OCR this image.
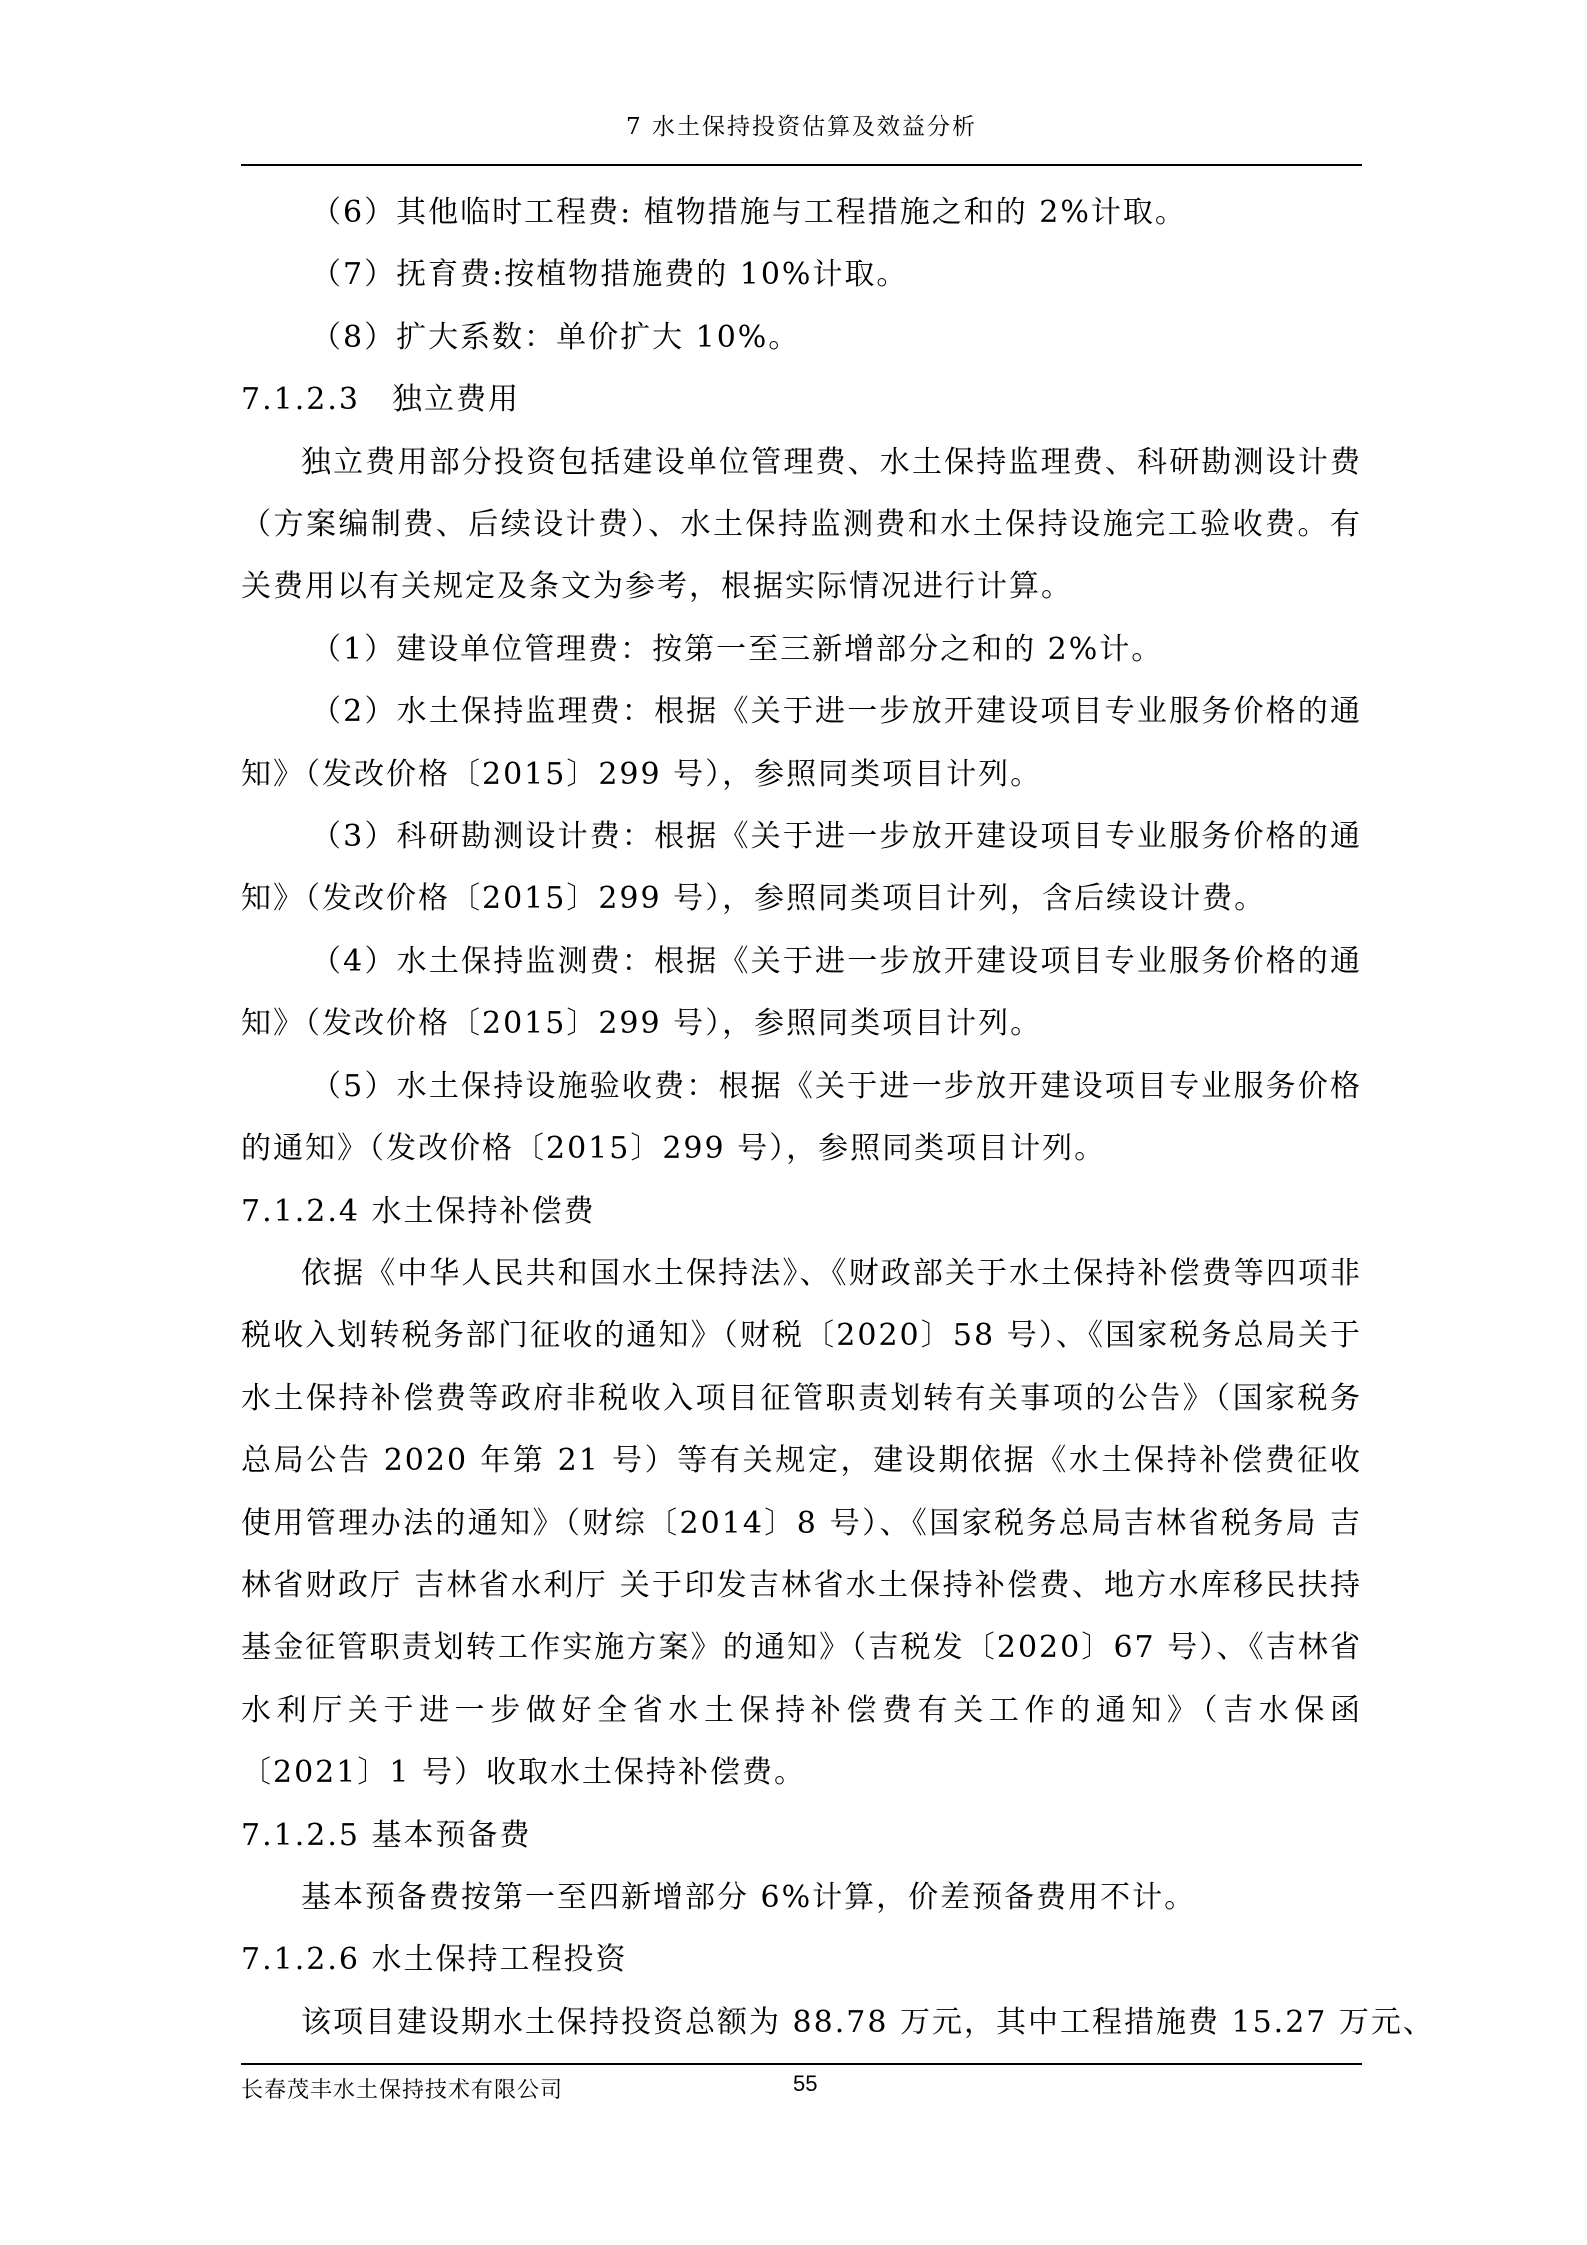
7 水土保持投资估算及效益分析

（6）其他临时工程费: 植物措施与工程措施之和的 2%计取。

（7）抚育费:按植物措施费的 10%计取。

（8）扩大系数：单价扩大 10%。

7.1.2.3　独立费用

独立费用部分投资包括建设单位管理费、水土保持监理费、科研勘测设计费（方案编制费、后续设计费）、水土保持监测费和水土保持设施完工验收费。有关费用以有关规定及条文为参考，根据实际情况进行计算。

（1）建设单位管理费：按第一至三新增部分之和的 2%计。

（2）水土保持监理费：根据《关于进一步放开建设项目专业服务价格的通知》（发改价格〔2015〕299 号），参照同类项目计列。

（3）科研勘测设计费：根据《关于进一步放开建设项目专业服务价格的通知》（发改价格〔2015〕299 号），参照同类项目计列，含后续设计费。

（4）水土保持监测费：根据《关于进一步放开建设项目专业服务价格的通知》（发改价格〔2015〕299 号），参照同类项目计列。

（5）水土保持设施验收费：根据《关于进一步放开建设项目专业服务价格的通知》（发改价格〔2015〕299 号），参照同类项目计列。

7.1.2.4 水土保持补偿费

依据《中华人民共和国水土保持法》、《财政部关于水土保持补偿费等四项非税收入划转税务部门征收的通知》（财税〔2020〕58 号）、《国家税务总局关于水土保持补偿费等政府非税收入项目征管职责划转有关事项的公告》（国家税务总局公告 2020 年第 21 号）等有关规定，建设期依据《水土保持补偿费征收使用管理办法的通知》（财综〔2014〕8 号）、《国家税务总局吉林省税务局 吉林省财政厅 吉林省水利厅 关于印发吉林省水土保持补偿费、地方水库移民扶持基金征管职责划转工作实施方案》的通知》（吉税发〔2020〕67 号）、《吉林省水利厅关于进一步做好全省水土保持补偿费有关工作的通知》（吉水保函〔2021〕1 号）收取水土保持补偿费。

7.1.2.5 基本预备费

基本预备费按第一至四新增部分 6%计算，价差预备费用不计。

7.1.2.6 水土保持工程投资

该项目建设期水土保持投资总额为 88.78 万元，其中工程措施费 15.27 万元、

长春茂丰水土保持技术有限公司	55
